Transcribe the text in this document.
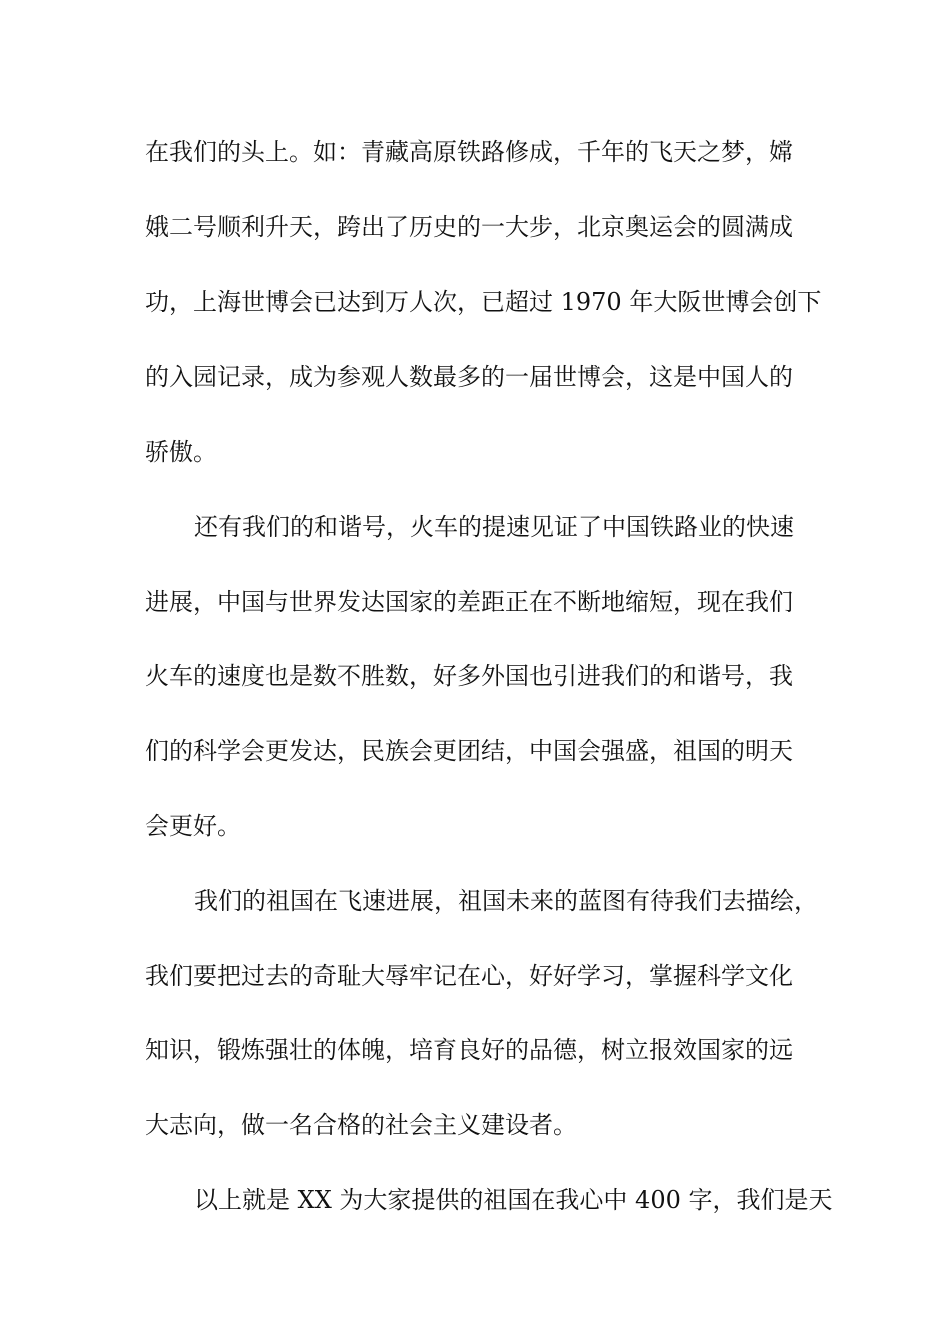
在我们的头上。如：青藏高原铁路修成，千年的飞天之梦，嫦
娥二号顺利升天，跨出了历史的一大步，北京奥运会的圆满成
功，上海世博会已达到万人次，已超过 1970 年大阪世博会创下
的入园记录，成为参观人数最多的一届世博会，这是中国人的
骄傲。
还有我们的和谐号，火车的提速见证了中国铁路业的快速
进展，中国与世界发达国家的差距正在不断地缩短，现在我们
火车的速度也是数不胜数，好多外国也引进我们的和谐号，我
们的科学会更发达，民族会更团结，中国会强盛，祖国的明天
会更好。
我们的祖国在飞速进展，祖国未来的蓝图有待我们去描绘，
我们要把过去的奇耻大辱牢记在心，好好学习，掌握科学文化
知识，锻炼强壮的体魄，培育良好的品德，树立报效国家的远
大志向，做一名合格的社会主义建设者。
以上就是 XX 为大家提供的祖国在我心中 400 字，我们是天
